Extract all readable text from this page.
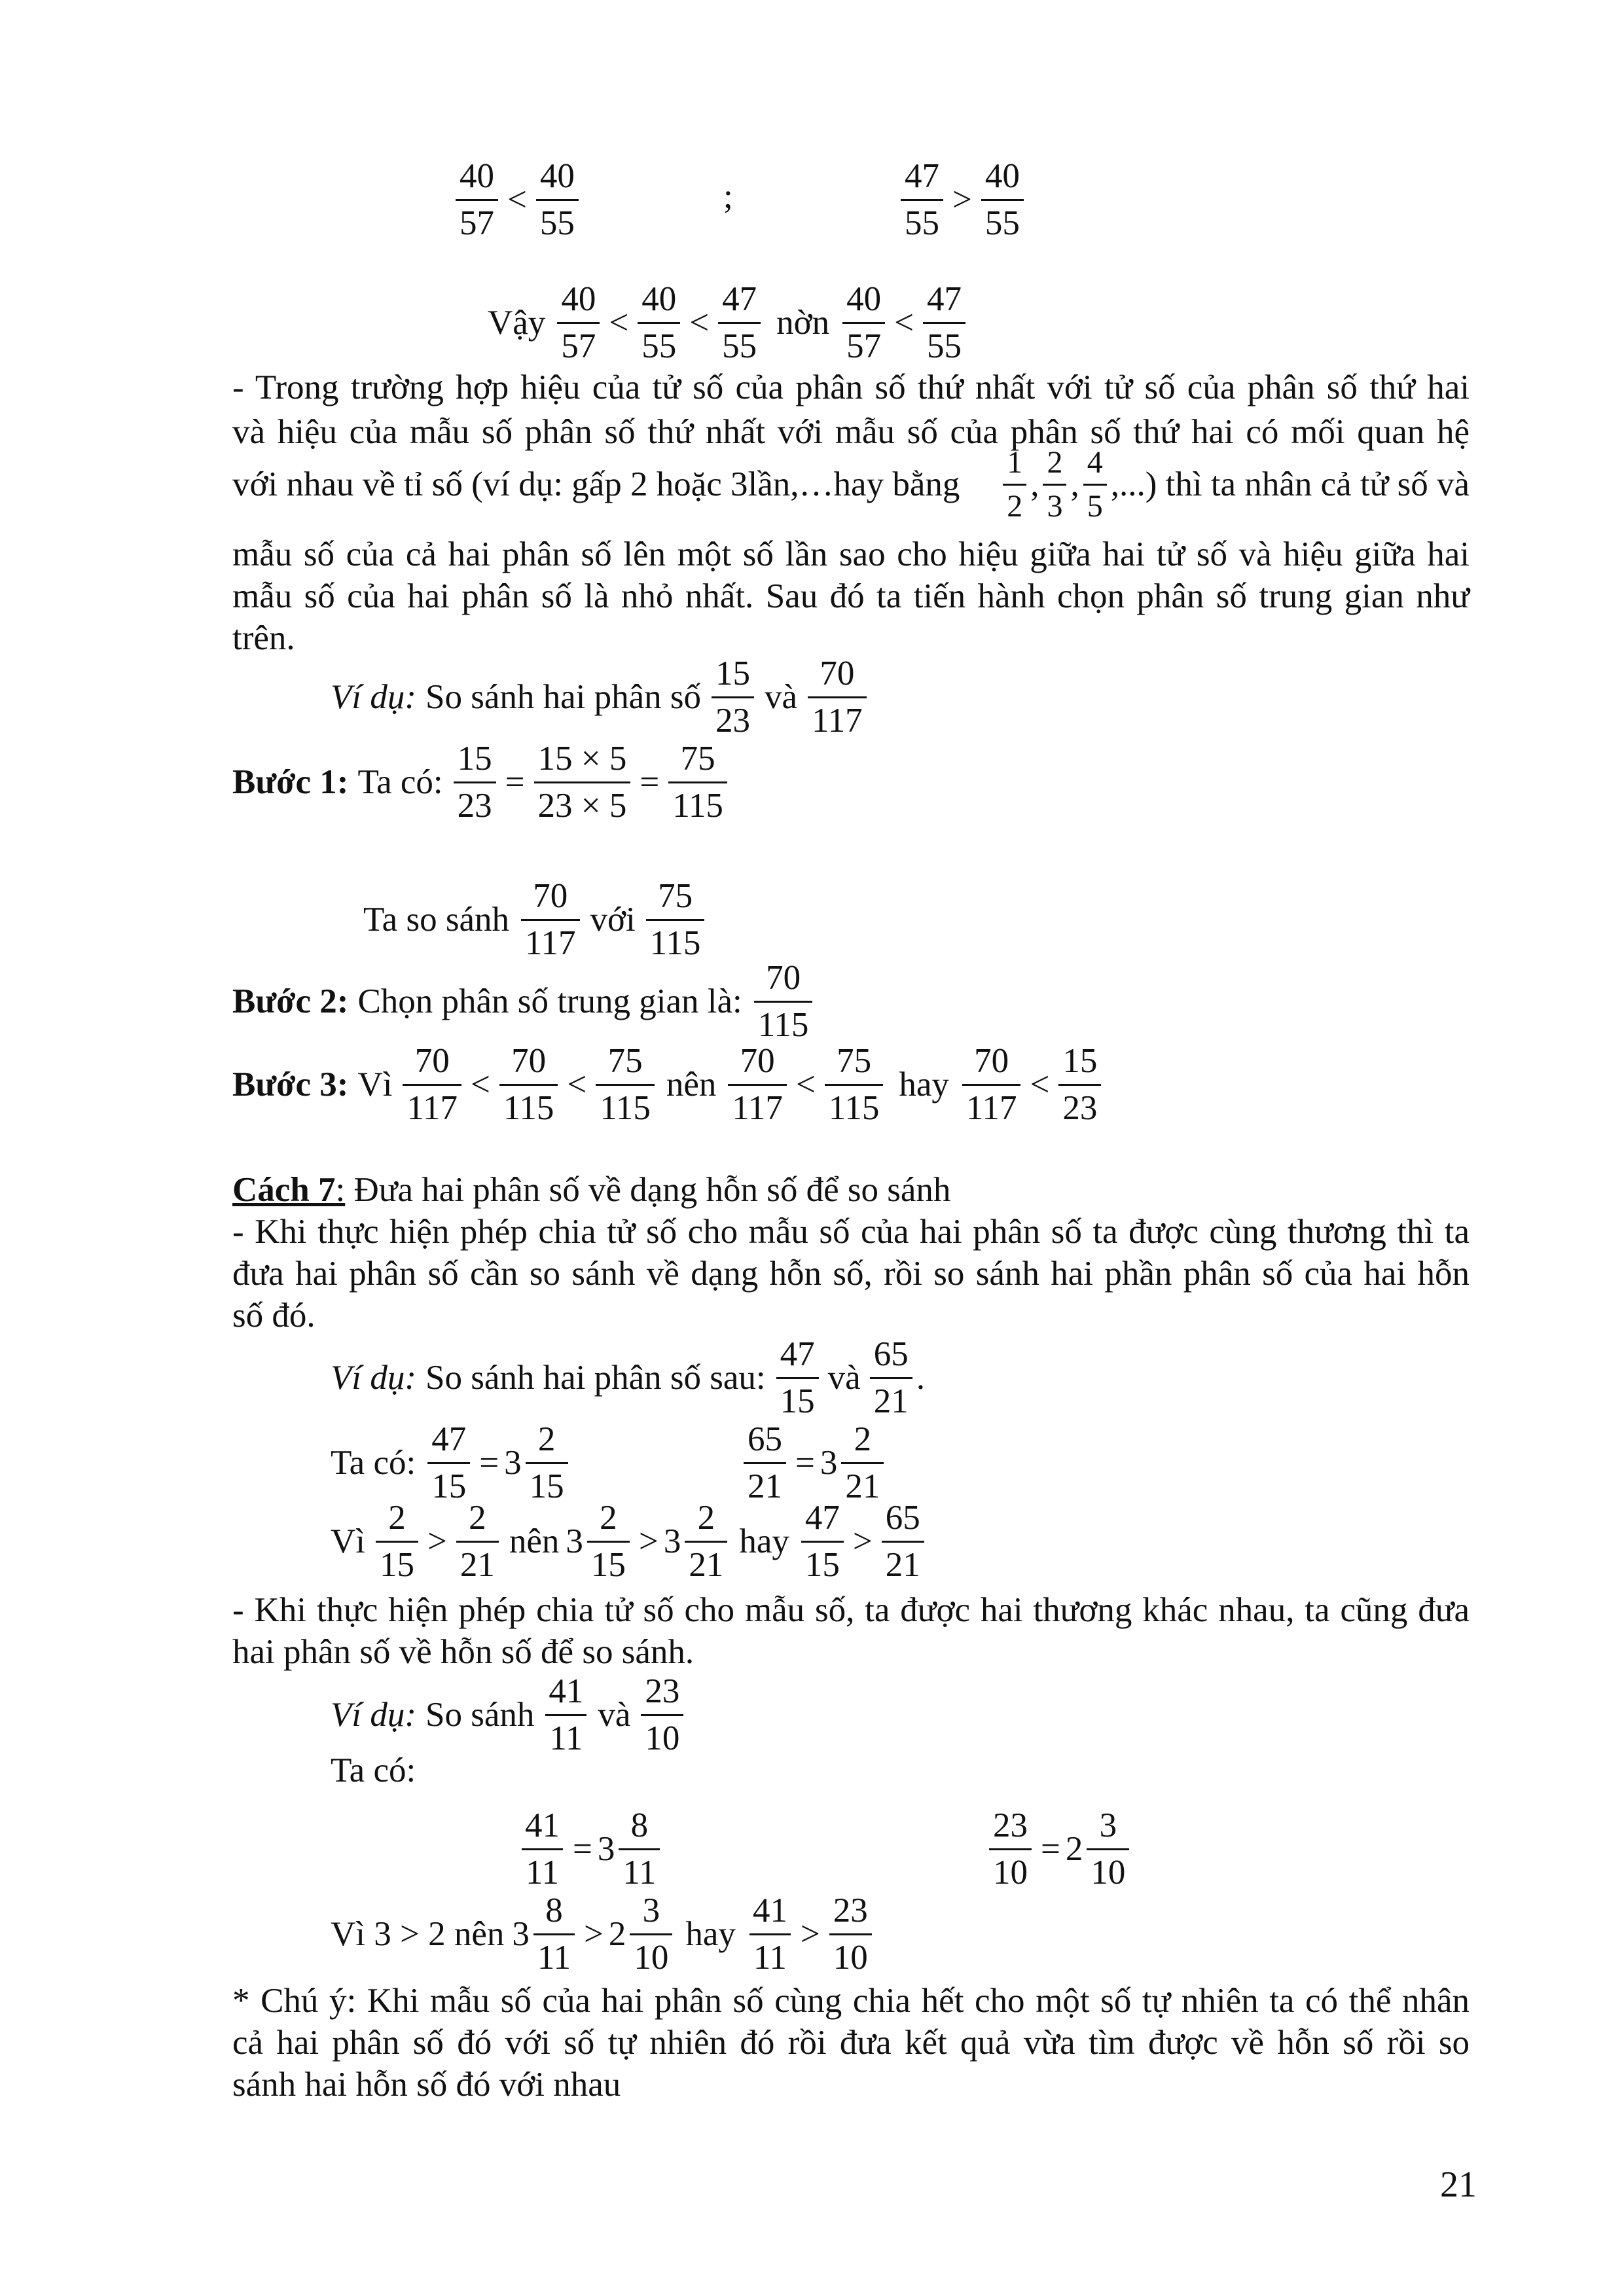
$\frac{40}{57} < \frac{40}{55}$	;	$\frac{47}{55} > \frac{40}{55}$
Vậy $\frac{40}{57} < \frac{40}{55} < \frac{47}{55}$ nờn $\frac{40}{57} < \frac{47}{55}$
- Trong trường hợp hiệu của tử số của phân số thứ nhất với tử số của phân số thứ hai
và hiệu của mẫu số phân số thứ nhất với mẫu số của phân số thứ hai có mối quan hệ
với nhau về tỉ số (ví dụ: gấp 2 hoặc 3lần,…hay bằng $\frac{1}{2}$ , $\frac{2}{3}$ , $\frac{4}{5}$ ,...) thì ta nhân cả tử số và
mẫu số của cả hai phân số lên một số lần sao cho hiệu giữa hai tử số và hiệu giữa hai
mẫu số của hai phân số là nhỏ nhất. Sau đó ta tiến hành chọn phân số trung gian như
trên.
Ví dụ: So sánh hai phân số $\frac{15}{23}$ và $\frac{70}{117}$
Bước 1: Ta có: $\frac{15}{23} = \frac{15 \times 5}{23 \times 5} = \frac{75}{115}$
Ta so sánh $\frac{70}{117}$ với $\frac{75}{115}$
Bước 2: Chọn phân số trung gian là: $\frac{70}{115}$
Bước 3: Vì $\frac{70}{117} < \frac{70}{115} < \frac{75}{115}$ nên $\frac{70}{117} < \frac{75}{115}$ hay $\frac{70}{117} < \frac{15}{23}$
Cách 7: Đưa hai phân số về dạng hỗn số để so sánh
- Khi thực hiện phép chia tử số cho mẫu số của hai phân số ta được cùng thương thì ta
đưa hai phân số cần so sánh về dạng hỗn số, rồi so sánh hai phần phân số của hai hỗn
số đó.
Ví dụ: So sánh hai phân số sau: $\frac{47}{15}$ và $\frac{65}{21}$ .
Ta có: $\frac{47}{15} = 3 \frac{2}{15}$	$\frac{65}{21} = 3 \frac{2}{21}$
Vì $\frac{2}{15} > \frac{2}{21}$ nên $3 \frac{2}{15} > 3 \frac{2}{21}$ hay $\frac{47}{15} > \frac{65}{21}$
- Khi thực hiện phép chia tử số cho mẫu số, ta được hai thương khác nhau, ta cũng đưa
hai phân số về hỗn số để so sánh.
Ví dụ: So sánh $\frac{41}{11}$ và $\frac{23}{10}$
Ta có:
$\frac{41}{11} = 3 \frac{8}{11}$	$\frac{23}{10} = 2 \frac{3}{10}$
Vì 3 > 2 nên $3 \frac{8}{11} > 2 \frac{3}{10}$ hay $\frac{41}{11} > \frac{23}{10}$
* Chú ý: Khi mẫu số của hai phân số cùng chia hết cho một số tự nhiên ta có thể nhân
cả hai phân số đó với số tự nhiên đó rồi đưa kết quả vừa tìm được về hỗn số rồi so
sánh hai hỗn số đó với nhau
21
